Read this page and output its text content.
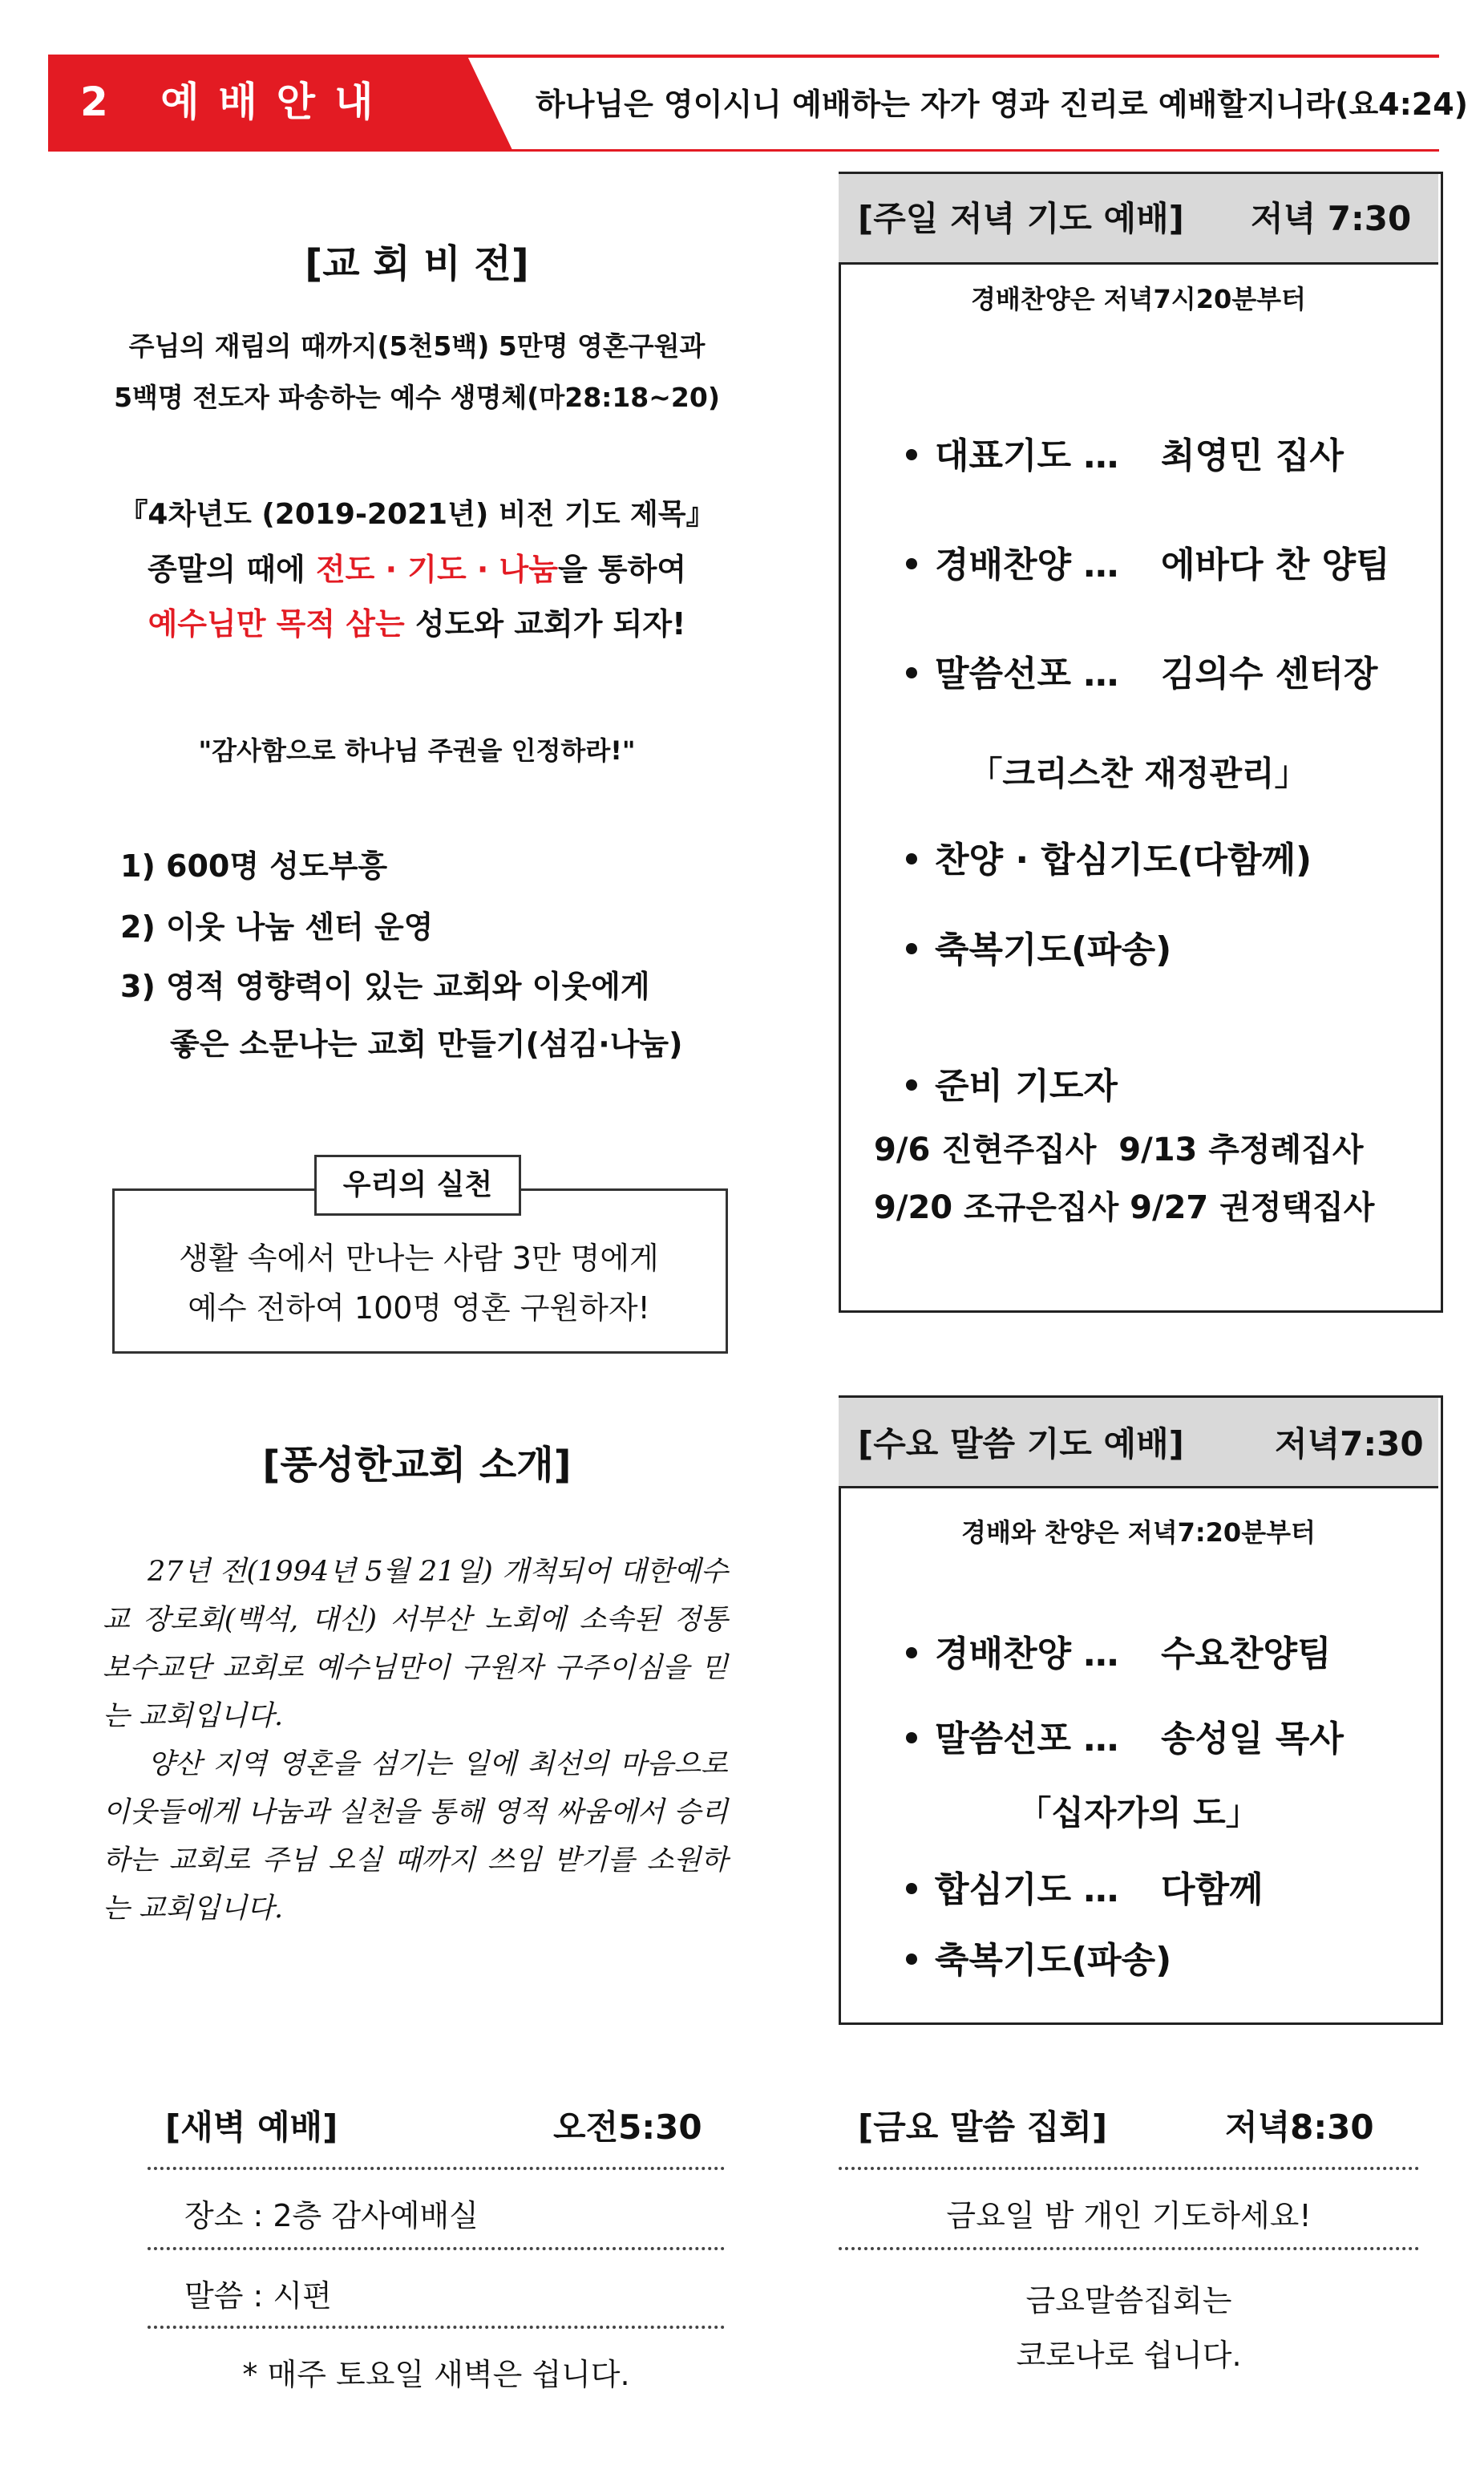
2 예배안내	하나님은 영이시니 예배하는 자가 영과 진리로 예배할지니라(요4:24)
[교 회 비 전]
주님의 재림의 때까지(5천5백) 5만명 영혼구원과
5백명 전도자 파송하는 예수 생명체(마28:18~20)
『4차년도 (2019-2021년) 비전 기도 제목』
종말의 때에 전도 · 기도 · 나눔을 통하여
예수님만 목적 삼는 성도와 교회가 되자!
"감사함으로 하나님 주권을 인정하라!"
1) 600명 성도부흥
2) 이웃 나눔 센터 운영
3) 영적 영향력이 있는 교회와 이웃에게
좋은 소문나는 교회 만들기(섬김·나눔)
우리의 실천
생활 속에서 만나는 사람 3만 명에게
예수 전하여 100명 영혼 구원하자!
[풍성한교회 소개]
27년 전(1994년 5월 21일) 개척되어 대한예수교 장로회(백석, 대신) 서부산 노회에 소속된 정통 보수교단 교회로 예수님만이 구원자 구주이심을 믿는 교회입니다.
양산 지역 영혼을 섬기는 일에 최선의 마음으로 이웃들에게 나눔과 실천을 통해 영적 싸움에서 승리하는 교회로 주님 오실 때까지 쓰임 받기를 소원하는 교회입니다.
[주일 저녁 기도 예배] 저녁 7:30
경배찬양은 저녁7시20분부터
대표기도 … 최영민 집사
경배찬양 … 에바다 찬 양팀
말씀선포 … 김의수 센터장
「크리스찬 재정관리」
찬양 · 합심기도(다함께)
축복기도(파송)
준비 기도자
9/6 진현주집사  9/13 추정례집사
9/20 조규은집사 9/27 권정택집사
[수요 말씀 기도 예배]	저녁7:30
경배와 찬양은 저녁7:20분부터
경배찬양 … 수요찬양팀
말씀선포 … 송성일 목사
「십자가의 도」
합심기도 … 다함께
축복기도(파송)
[새벽 예배]	오전5:30
장소 : 2층 감사예배실
말씀 : 시편
* 매주 토요일 새벽은 쉽니다.
[금요 말씀 집회]	저녁8:30
금요일 밤 개인 기도하세요!
금요말씀집회는
코로나로 쉽니다.
